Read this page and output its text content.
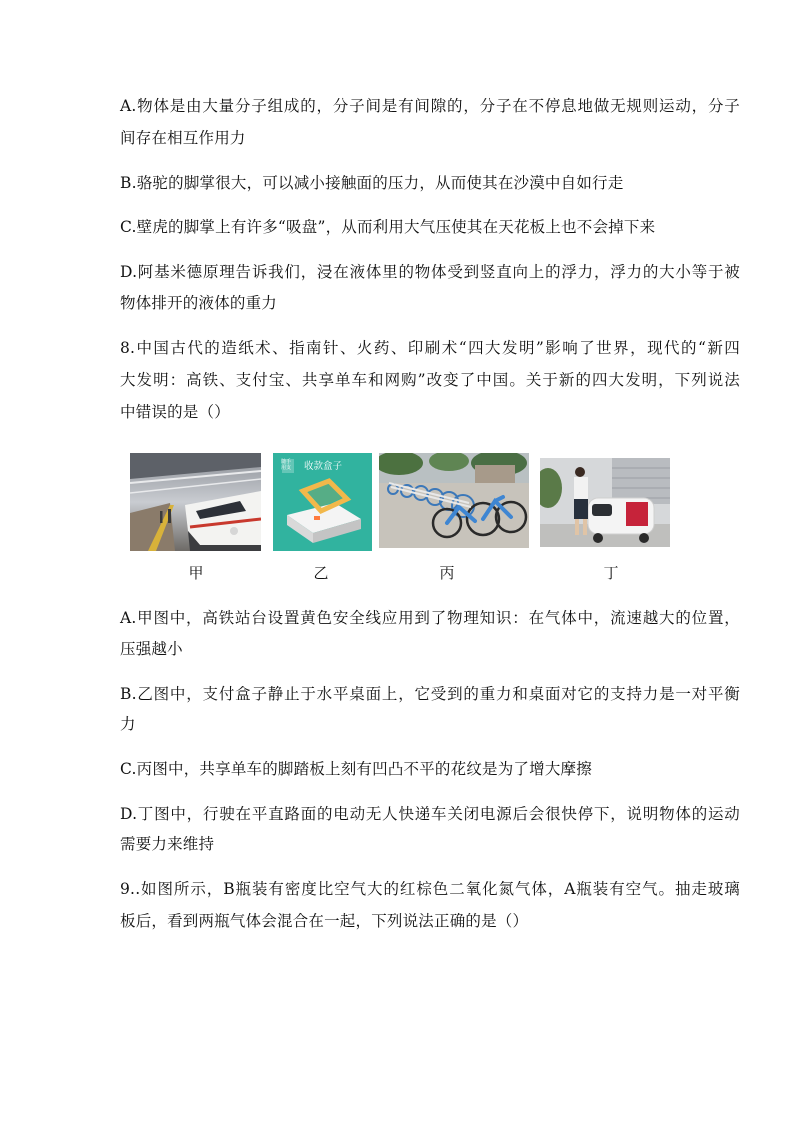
A.物体是由大量分子组成的，分子间是有间隙的，分子在不停息地做无规则运动，分子
间存在相互作用力
B.骆驼的脚掌很大，可以减小接触面的压力，从而使其在沙漠中自如行走
C.壁虎的脚掌上有许多“吸盘”，从而利用大气压使其在天花板上也不会掉下来
D.阿基米德原理告诉我们，浸在液体里的物体受到竖直向上的浮力，浮力的大小等于被
物体排开的液体的重力
8.中国古代的造纸术、指南针、火药、印刷术“四大发明”影响了世界，现代的“新四
大发明：高铁、支付宝、共享单车和网购”改变了中国。关于新的四大发明，下列说法
中错误的是（）
收款盒子
随手
用支
甲	乙	丙	丁
A.甲图中，高铁站台设置黄色安全线应用到了物理知识：在气体中，流速越大的位置，
压强越小
B.乙图中，支付盒子静止于水平桌面上，它受到的重力和桌面对它的支持力是一对平衡
力
C.丙图中，共享单车的脚踏板上刻有凹凸不平的花纹是为了增大摩擦
D.丁图中，行驶在平直路面的电动无人快递车关闭电源后会很快停下，说明物体的运动
需要力来维持
9..如图所示，B瓶装有密度比空气大的红棕色二氧化氮气体，A瓶装有空气。抽走玻璃
板后，看到两瓶气体会混合在一起，下列说法正确的是（）
